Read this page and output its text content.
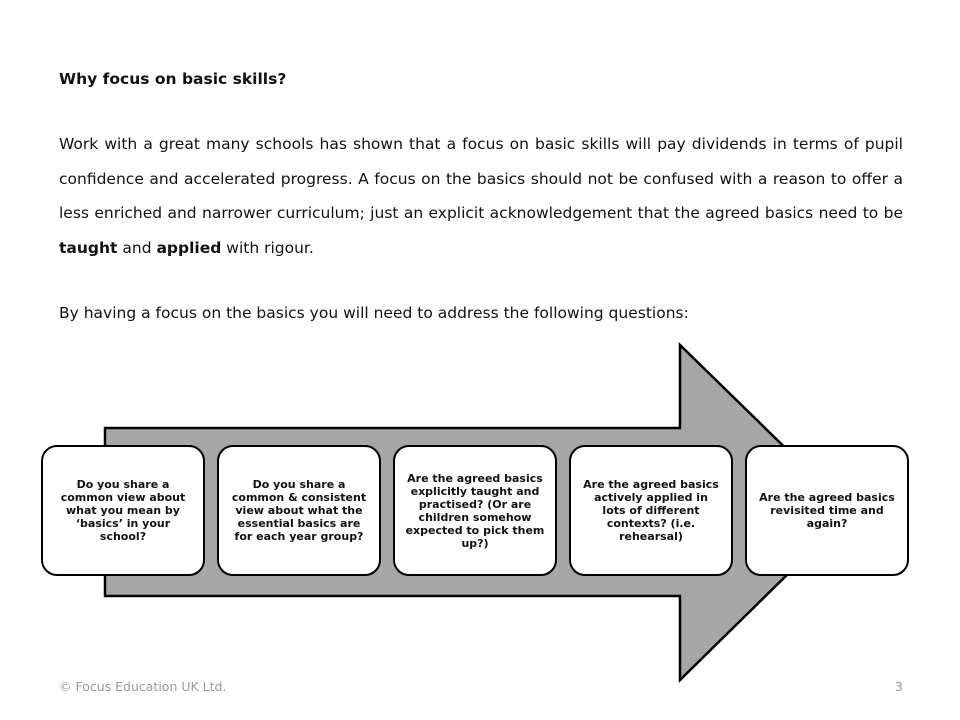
Why focus on basic skills?
Work with a great many schools has shown that a focus on basic skills will pay dividends in terms of pupil confidence and accelerated progress. A focus on the basics should not be confused with a reason to offer a less enriched and narrower curriculum; just an explicit acknowledgement that the agreed basics need to be taught and applied with rigour.
By having a focus on the basics you will need to address the following questions:
Do you share a common view about what you mean by ‘basics’ in your school?
Do you share a common & consistent view about what the essential basics are for each year group?
Are the agreed basics explicitly taught and practised? (Or are children somehow expected to pick them up?)
Are the agreed basics actively applied in lots of different contexts? (i.e. rehearsal)
Are the agreed basics revisited time and again?
© Focus Education UK Ltd.	3
